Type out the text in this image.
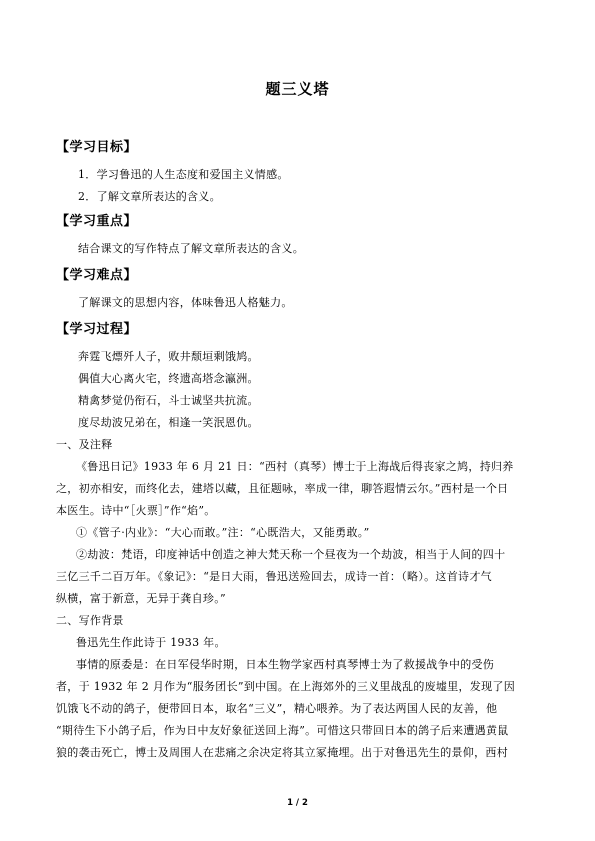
题三义塔
【学习目标】
1．学习鲁迅的人生态度和爱国主义情感。
2．了解文章所表达的含义。
【学习重点】
结合课文的写作特点了解文章所表达的含义。
【学习难点】
了解课文的思想内容，体味鲁迅人格魅力。
【学习过程】
奔霆飞熛歼人子，败井颓垣剩饿鸠。
偶值大心离火宅，终遗高塔念瀛洲。
精禽梦觉仍衔石，斗士诚坚共抗流。
度尽劫波兄弟在，相逢一笑泯恩仇。
一、及注释
《鲁迅日记》1933 年 6 月 21 日：“西村（真琴）博士于上海战后得丧家之鸠，持归养
之，初亦相安，而终化去，建塔以藏，且征题咏，率成一律，聊答遐情云尔。”西村是一个日
本医生。诗中“［火票］”作“焰”。
①《管子·内业》：“大心而敢。”注：“心既浩大，又能勇敢。”
②劫波：梵语，印度神话中创造之神大梵天称一个昼夜为一个劫波，相当于人间的四十
三亿三千二百万年。《象记》：“是日大雨，鲁迅送殓回去，成诗一首：（略）。这首诗才气
纵横，富于新意，无异于龚自珍。”
二、写作背景
鲁迅先生作此诗于 1933 年。
事情的原委是：在日军侵华时期，日本生物学家西村真琴博士为了救援战争中的受伤
者，于 1932 年 2 月作为“服务团长”到中国。在上海郊外的三义里战乱的废墟里，发现了因
饥饿飞不动的鸽子，便带回日本，取名“三义”，精心喂养。为了表达两国人民的友善，他
“期待生下小鸽子后，作为日中友好象征送回上海”。可惜这只带回日本的鸽子后来遭遇黄鼠
狼的袭击死亡，博士及周围人在悲痛之余决定将其立冢掩埋。出于对鲁迅先生的景仰，西村
1 / 2
